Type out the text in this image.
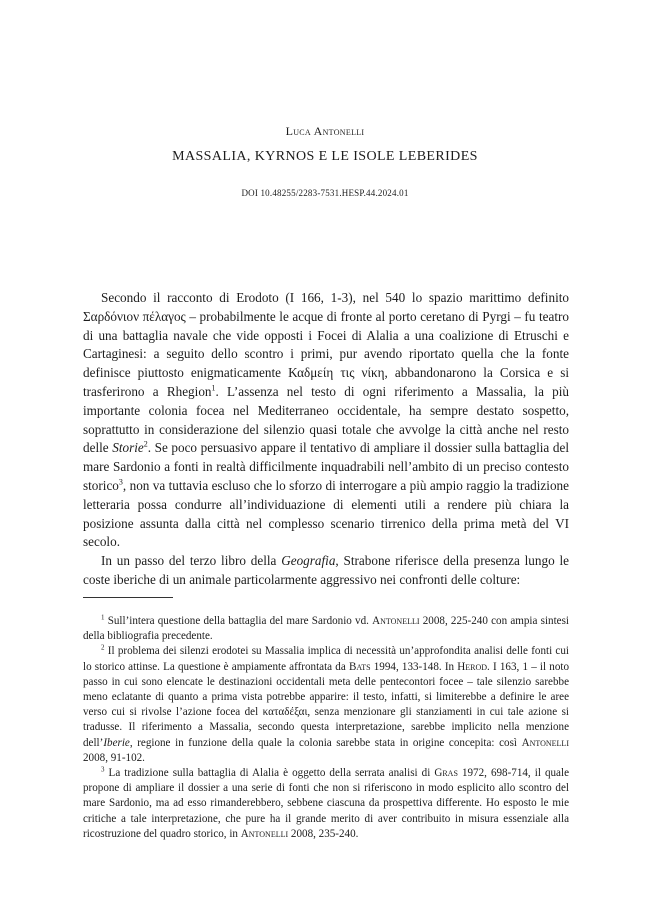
Luca Antonelli
MASSALIA, KYRNOS E LE ISOLE LEBERIDES
DOI 10.48255/2283-7531.HESP.44.2024.01

Secondo il racconto di Erodoto (I 166, 1-3), nel 540 lo spazio marittimo definito Σαρδόνιον πέλαγος – probabilmente le acque di fronte al porto ceretano di Pyrgi – fu teatro di una battaglia navale che vide opposti i Focei di Alalia a una coalizione di Etruschi e Cartaginesi: a seguito dello scontro i primi, pur avendo riportato quella che la fonte definisce piuttosto enigmaticamente Καδμείη τις νίκη, abbandonarono la Corsica e si trasferirono a Rhegion$^1$. L’assenza nel testo di ogni riferimento a Massalia, la più importante colonia focea nel Mediterraneo occidentale, ha sempre destato sospetto, soprattutto in considerazione del silenzio quasi totale che avvolge la città anche nel resto delle Storie$^2$. Se poco persuasivo appare il tentativo di ampliare il dossier sulla battaglia del mare Sardonio a fonti in realtà difficilmente inquadrabili nell’ambito di un preciso contesto storico$^3$, non va tuttavia escluso che lo sforzo di interrogare a più ampio raggio la tradizione letteraria possa condurre all’individuazione di elementi utili a rendere più chiara la posizione assunta dalla città nel complesso scenario tirrenico della prima metà del VI secolo.

In un passo del terzo libro della Geografia, Strabone riferisce della presenza lungo le coste iberiche di un animale particolarmente aggressivo nei confronti delle colture:

$^1$ Sull’intera questione della battaglia del mare Sardonio vd. Antonelli 2008, 225-240 con ampia sintesi della bibliografia precedente.

$^2$ Il problema dei silenzi erodotei su Massalia implica di necessità un’approfondita analisi delle fonti cui lo storico attinse. La questione è ampiamente affrontata da Bats 1994, 133-148. In Herod. I 163, 1 – il noto passo in cui sono elencate le destinazioni occidentali meta delle pentecontori focee – tale silenzio sarebbe meno eclatante di quanto a prima vista potrebbe apparire: il testo, infatti, si limiterebbe a definire le aree verso cui si rivolse l’azione focea del καταδέξαι, senza menzionare gli stanziamenti in cui tale azione si tradusse. Il riferimento a Massalia, secondo questa interpretazione, sarebbe implicito nella menzione dell’Iberie, regione in funzione della quale la colonia sarebbe stata in origine concepita: così Antonelli 2008, 91-102.

$^3$ La tradizione sulla battaglia di Alalia è oggetto della serrata analisi di Gras 1972, 698-714, il quale propone di ampliare il dossier a una serie di fonti che non si riferiscono in modo esplicito allo scontro del mare Sardonio, ma ad esso rimanderebbero, sebbene ciascuna da prospettiva differente. Ho esposto le mie critiche a tale interpretazione, che pure ha il grande merito di aver contribuito in misura essenziale alla ricostruzione del quadro storico, in Antonelli 2008, 235-240.
